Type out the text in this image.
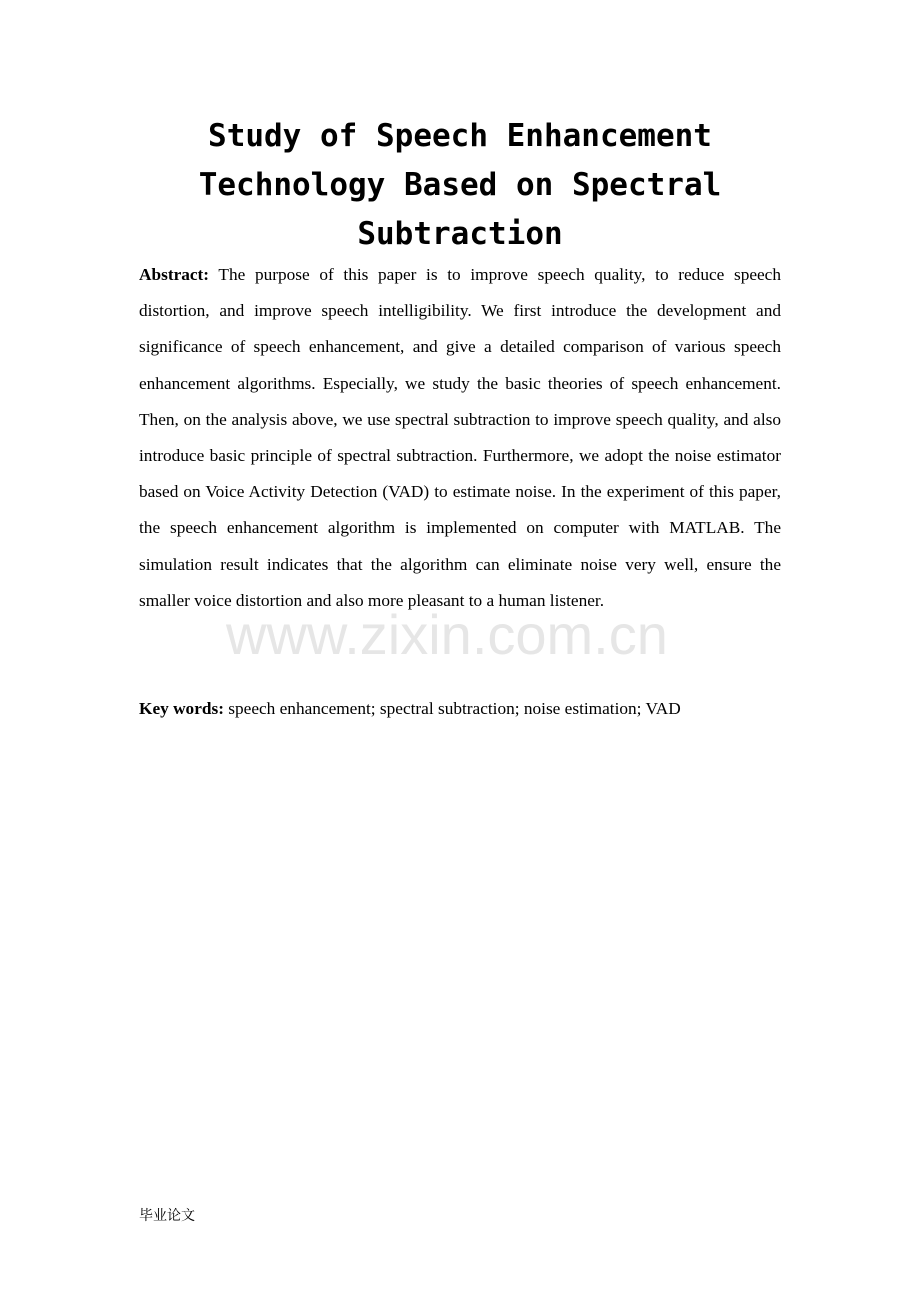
www.zixin.com.cn
Study of Speech Enhancement
Technology Based on Spectral
Subtraction
Abstract: The purpose of this paper is to improve speech quality, to reduce speech distortion, and improve speech intelligibility. We first introduce the development and significance of speech enhancement, and give a detailed comparison of various speech enhancement algorithms. Especially, we study the basic theories of speech enhancement. Then, on the analysis above, we use spectral subtraction to improve speech quality, and also introduce basic principle of spectral subtraction. Furthermore, we adopt the noise estimator based on Voice Activity Detection (VAD) to estimate noise. In the experiment of this paper, the speech enhancement algorithm is implemented on computer with MATLAB. The simulation result indicates that the algorithm can eliminate noise very well, ensure the smaller voice distortion and also more pleasant to a human listener.
Key words: speech enhancement; spectral subtraction; noise estimation; VAD
毕业论文
